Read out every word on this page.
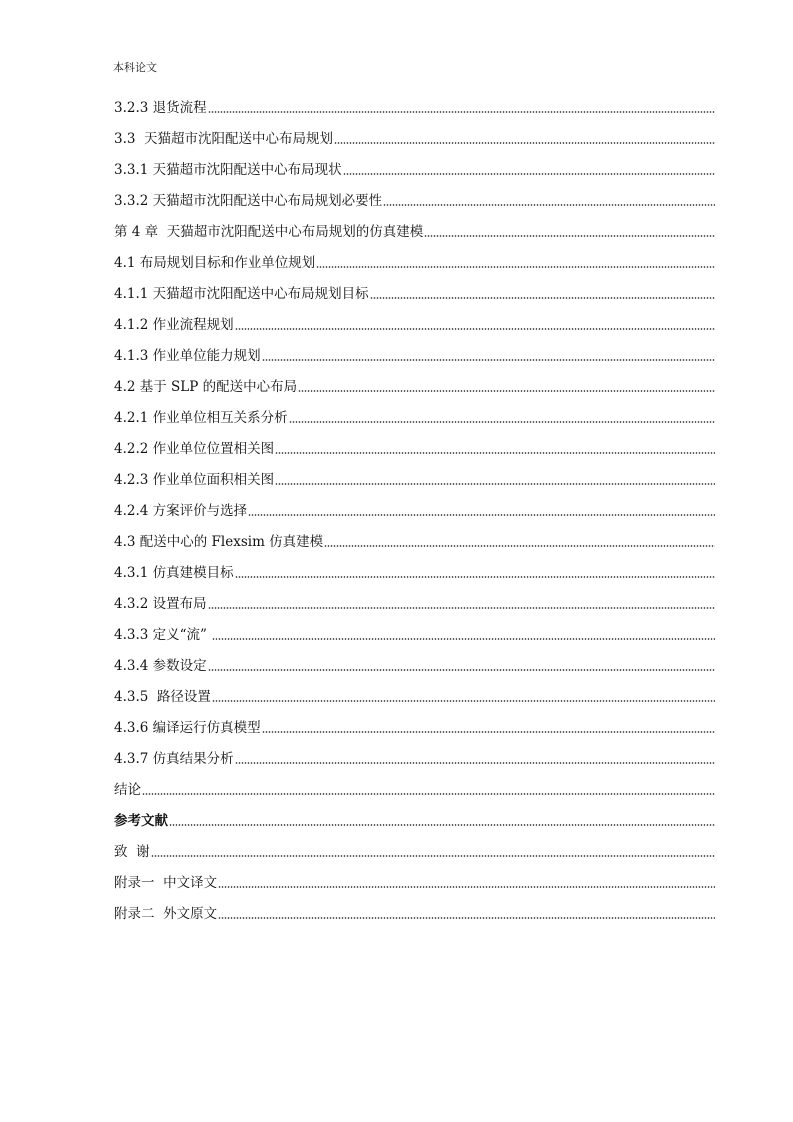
本科论文
3.2.3 退货流程
3.3  天猫超市沈阳配送中心布局规划
3.3.1 天猫超市沈阳配送中心布局现状
3.3.2 天猫超市沈阳配送中心布局规划必要性
第 4 章  天猫超市沈阳配送中心布局规划的仿真建模
4.1 布局规划目标和作业单位规划
4.1.1 天猫超市沈阳配送中心布局规划目标
4.1.2 作业流程规划
4.1.3 作业单位能力规划
4.2 基于 SLP 的配送中心布局
4.2.1 作业单位相互关系分析
4.2.2 作业单位位置相关图
4.2.3 作业单位面积相关图
4.2.4 方案评价与选择
4.3 配送中心的 Flexsim 仿真建模
4.3.1 仿真建模目标
4.3.2 设置布局
4.3.3 定义“流”
4.3.4 参数设定
4.3.5  路径设置
4.3.6 编译运行仿真模型
4.3.7 仿真结果分析
结论
参考文献
致  谢
附录一  中文译文
附录二  外文原文
